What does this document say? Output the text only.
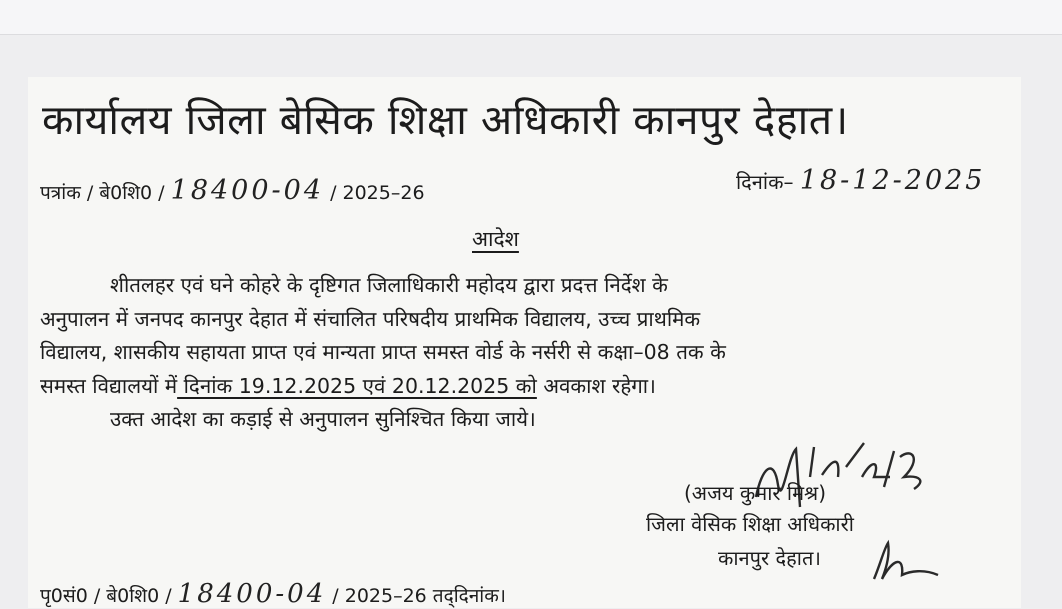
कार्यालय जिला बेसिक शिक्षा अधिकारी कानपुर देहात।
पत्रांक / बे0शि0 / 18400-04 / 2025–26	दिनांक– 18-12-2025
आदेश

शीतलहर एवं घने कोहरे के दृष्टिगत जिलाधिकारी महोदय द्वारा प्रदत्त निर्देश के

अनुपालन में जनपद कानपुर देहात में संचालित परिषदीय प्राथमिक विद्यालय, उच्च प्राथमिक

विद्यालय, शासकीय सहायता प्राप्त एवं मान्यता प्राप्त समस्त वोर्ड के नर्सरी से कक्षा–08 तक के

समस्त विद्यालयों में दिनांक 19.12.2025 एवं 20.12.2025 को अवकाश रहेगा।

उक्त आदेश का कड़ाई से अनुपालन सुनिश्चित किया जाये।

(अजय कुमार मिश्र)
जिला वेसिक शिक्षा अधिकारी
कानपुर देहात।
पृ0सं0 / बे0शि0 / 18400-04 / 2025–26 तद्‌दिनांक।
